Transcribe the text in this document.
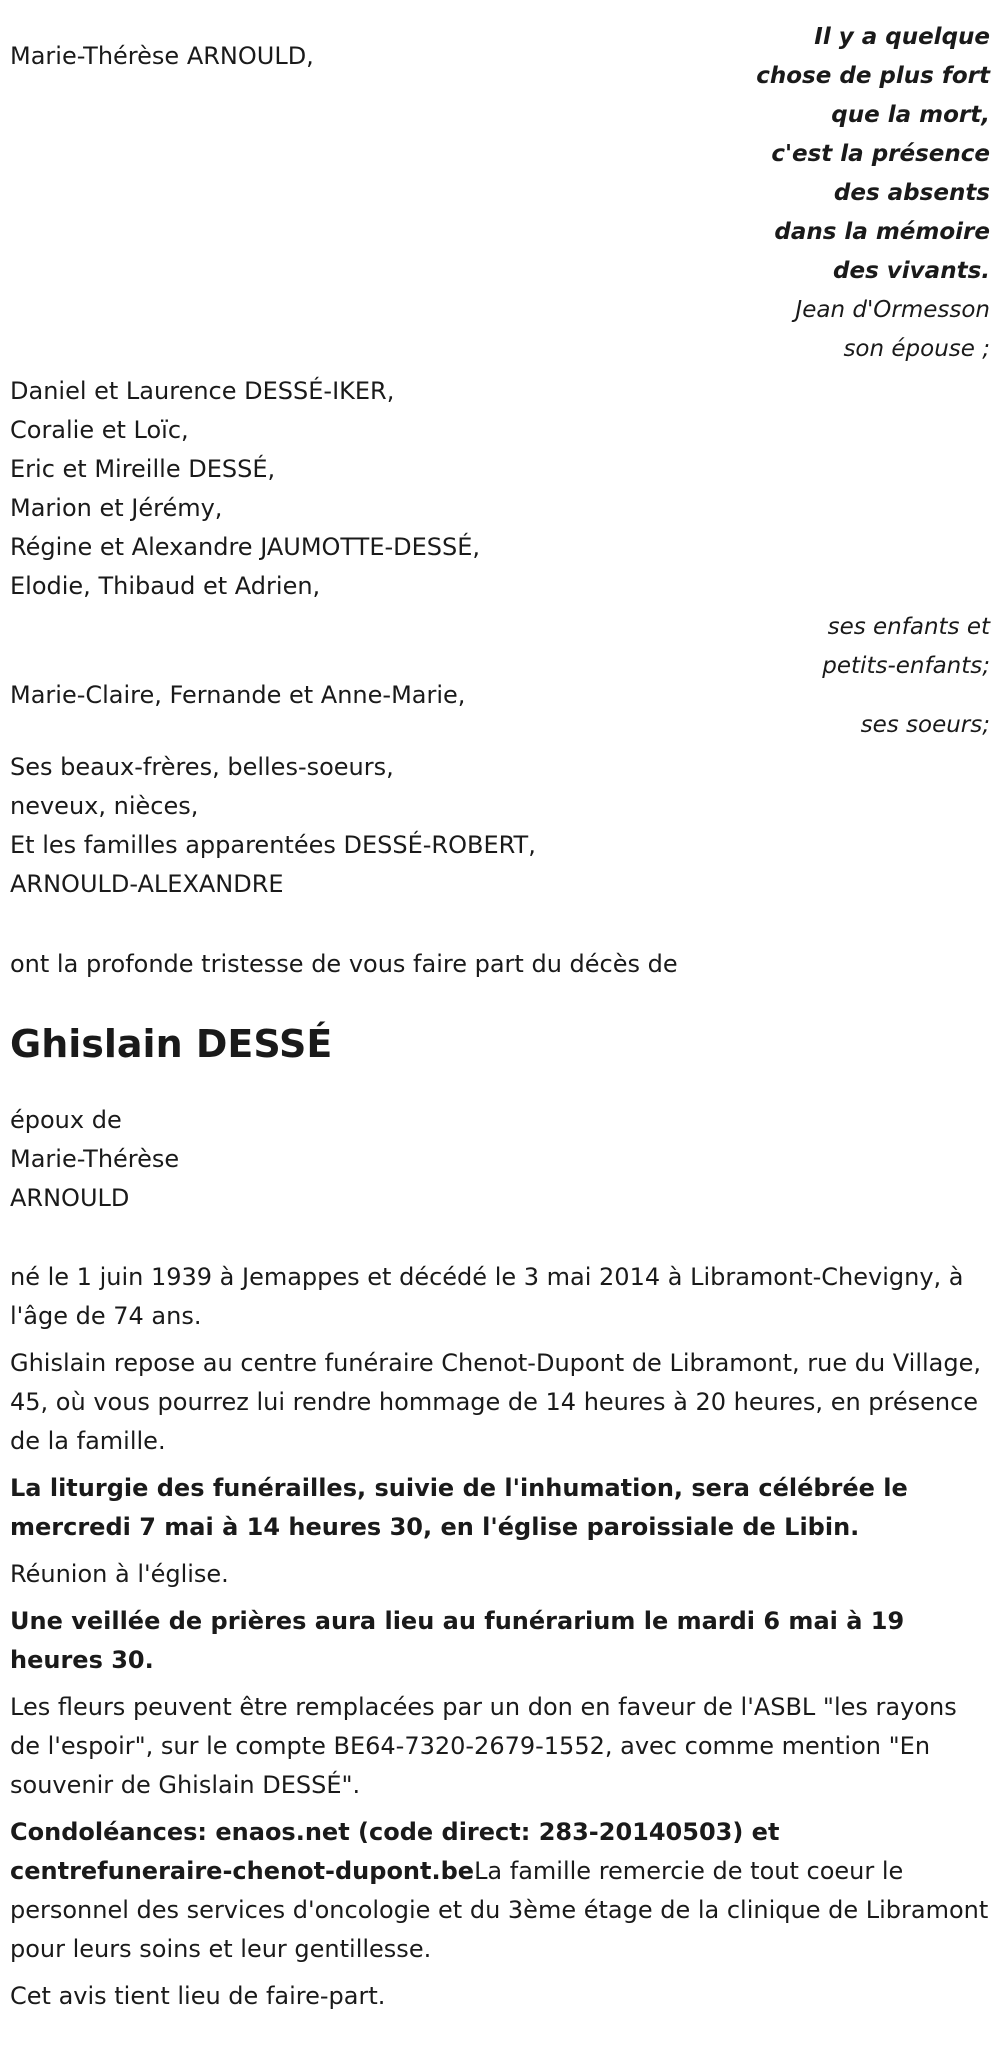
Marie-Thérèse ARNOULD,

Il y a quelque
chose de plus fort
que la mort,
c'est la présence
des absents
dans la mémoire
des vivants.
Jean d'Ormesson
son épouse ;

Daniel et Laurence DESSÉ-IKER,

Coralie et Loïc,

Eric et Mireille DESSÉ,

Marion et Jérémy,

Régine et Alexandre JAUMOTTE-DESSÉ,

Elodie, Thibaud et Adrien,

ses enfants et

petits-enfants;

Marie-Claire, Fernande et Anne-Marie,

ses soeurs;

Ses beaux-frères, belles-soeurs,

neveux, nièces,

Et les familles apparentées DESSÉ-ROBERT,

ARNOULD-ALEXANDRE

ont la profonde tristesse de vous faire part du décès de

Ghislain DESSÉ

époux de

Marie-Thérèse

ARNOULD

né le 1 juin 1939 à Jemappes et décédé le 3 mai 2014 à Libramont-Chevigny, à l'âge de 74 ans.

Ghislain repose au centre funéraire Chenot-Dupont de Libramont, rue du Village, 45, où vous pourrez lui rendre hommage de 14 heures à 20 heures, en présence de la famille.

La liturgie des funérailles, suivie de l'inhumation, sera célébrée le mercredi 7 mai à 14 heures 30, en l'église paroissiale de Libin.

Réunion à l'église.

Une veillée de prières aura lieu au funérarium le mardi 6 mai à 19 heures 30.

Les fleurs peuvent être remplacées par un don en faveur de l'ASBL "les rayons de l'espoir", sur le compte BE64-7320-2679-1552, avec comme mention "En souvenir de Ghislain DESSÉ".

Condoléances: enaos.net (code direct: 283-20140503) et centrefuneraire-chenot-dupont.beLa famille remercie de tout coeur le personnel des services d'oncologie et du 3ème étage de la clinique de Libramont pour leurs soins et leur gentillesse.

Cet avis tient lieu de faire-part.
